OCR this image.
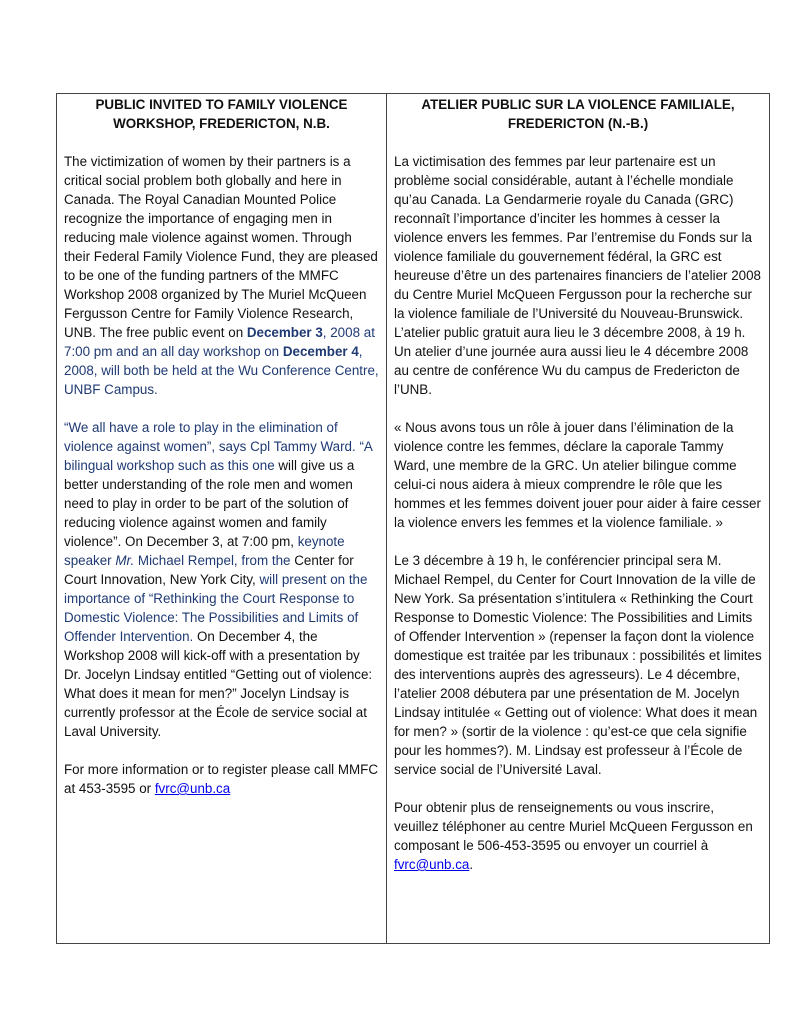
PUBLIC INVITED TO FAMILY VIOLENCE WORKSHOP, FREDERICTON, N.B.

The victimization of women by their partners is a critical social problem both globally and here in Canada. The Royal Canadian Mounted Police recognize the importance of engaging men in reducing male violence against women. Through their Federal Family Violence Fund, they are pleased to be one of the funding partners of the MMFC Workshop 2008 organized by The Muriel McQueen Fergusson Centre for Family Violence Research, UNB. The free public event on December 3, 2008 at 7:00 pm and an all day workshop on December 4, 2008, will both be held at the Wu Conference Centre, UNBF Campus.

“We all have a role to play in the elimination of violence against women”, says Cpl Tammy Ward. “A bilingual workshop such as this one will give us a better understanding of the role men and women need to play in order to be part of the solution of reducing violence against women and family violence”. On December 3, at 7:00 pm, keynote speaker Mr. Michael Rempel, from the Center for Court Innovation, New York City, will present on the importance of “Rethinking the Court Response to Domestic Violence: The Possibilities and Limits of Offender Intervention. On December 4, the Workshop 2008 will kick-off with a presentation by Dr. Jocelyn Lindsay entitled “Getting out of violence: What does it mean for men?” Jocelyn Lindsay is currently professor at the École de service social at Laval University.

For more information or to register please call MMFC at 453-3595 or fvrc@unb.ca

ATELIER PUBLIC SUR LA VIOLENCE FAMILIALE, FREDERICTON (N.-B.)

La victimisation des femmes par leur partenaire est un problème social considérable, autant à l’échelle mondiale qu’au Canada. La Gendarmerie royale du Canada (GRC) reconnaît l’importance d’inciter les hommes à cesser la violence envers les femmes. Par l’entremise du Fonds sur la violence familiale du gouvernement fédéral, la GRC est heureuse d’être un des partenaires financiers de l’atelier 2008 du Centre Muriel McQueen Fergusson pour la recherche sur la violence familiale de l’Université du Nouveau-Brunswick. L’atelier public gratuit aura lieu le 3 décembre 2008, à 19 h. Un atelier d’une journée aura aussi lieu le 4 décembre 2008 au centre de conférence Wu du campus de Fredericton de l’UNB.

« Nous avons tous un rôle à jouer dans l’élimination de la violence contre les femmes, déclare la caporale Tammy Ward, une membre de la GRC. Un atelier bilingue comme celui-ci nous aidera à mieux comprendre le rôle que les hommes et les femmes doivent jouer pour aider à faire cesser la violence envers les femmes et la violence familiale. »

Le 3 décembre à 19 h, le conférencier principal sera M. Michael Rempel, du Center for Court Innovation de la ville de New York. Sa présentation s’intitulera « Rethinking the Court Response to Domestic Violence: The Possibilities and Limits of Offender Intervention » (repenser la façon dont la violence domestique est traitée par les tribunaux : possibilités et limites des interventions auprès des agresseurs). Le 4 décembre, l’atelier 2008 débutera par une présentation de M. Jocelyn Lindsay intitulée « Getting out of violence: What does it mean for men? » (sortir de la violence : qu’est-ce que cela signifie pour les hommes?). M. Lindsay est professeur à l’École de service social de l’Université Laval.

Pour obtenir plus de renseignements ou vous inscrire, veuillez téléphoner au centre Muriel McQueen Fergusson en composant le 506-453-3595 ou envoyer un courriel à fvrc@unb.ca.
